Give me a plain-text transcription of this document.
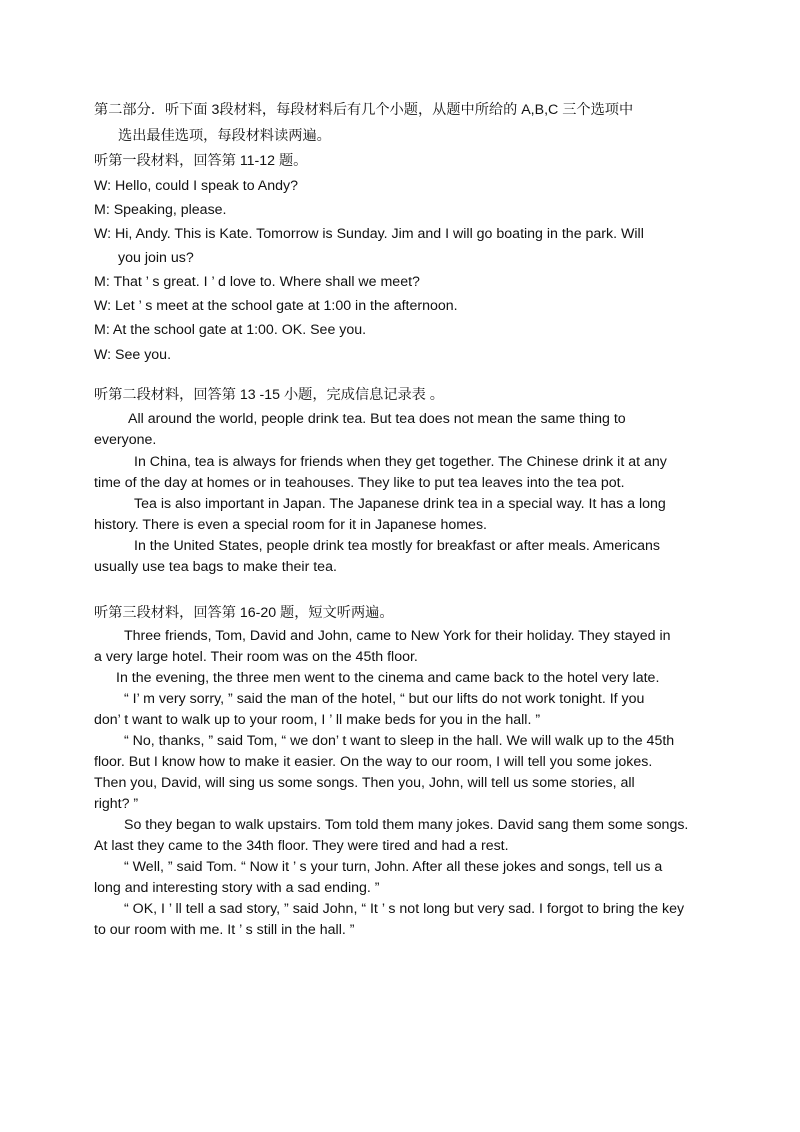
第二部分．听下面 3段材料，每段材料后有几个小题，从题中所给的 A,B,C 三个选项中
选出最佳选项，每段材料读两遍。
听第一段材料，回答第 11-12 题。
W: Hello, could I speak to Andy?
M: Speaking, please.
W: Hi, Andy. This is Kate. Tomorrow is Sunday. Jim and I will go boating in the park. Will
you join us?
M: That ’ s great. I ’ d love to. Where shall we meet?
W: Let ’ s meet at the school gate at 1:00 in the afternoon.
M: At the school gate at 1:00. OK. See you.
W: See you.
听第二段材料，回答第 13 -15 小题，完成信息记录表 。
All around the world, people drink tea. But tea does not mean the same thing to
everyone.
In China, tea is always for friends when they get together. The Chinese drink it at any
time of the day at homes or in teahouses. They like to put tea leaves into the tea pot.
Tea is also important in Japan. The Japanese drink tea in a special way. It has a long
history. There is even a special room for it in Japanese homes.
In the United States, people drink tea mostly for breakfast or after meals. Americans
usually use tea bags to make their tea.
听第三段材料，回答第 16-20 题，短文听两遍。
Three friends, Tom, David and John, came to New York for their holiday. They stayed in
a very large hotel. Their room was on the 45th floor.
In the evening, the three men went to the cinema and came back to the hotel very late.
“ I’ m very sorry, ” said the man of the hotel, “ but our lifts do not work tonight. If you
don’ t want to walk up to your room, I ’ ll make beds for you in the hall. ”
“ No, thanks, ” said Tom, “ we don’ t want to sleep in the hall. We will walk up to the 45th
floor. But I know how to make it easier. On the way to our room, I will tell you some jokes.
Then you, David, will sing us some songs. Then you, John, will tell us some stories, all
right? ”
So they began to walk upstairs. Tom told them many jokes. David sang them some songs.
At last they came to the 34th floor. They were tired and had a rest.
“ Well, ” said Tom. “ Now it ’ s your turn, John. After all these jokes and songs, tell us a
long and interesting story with a sad ending. ”
“ OK, I ’ ll tell a sad story, ” said John, “ It ’ s not long but very sad. I forgot to bring the key
to our room with me. It ’ s still in the hall. ”
